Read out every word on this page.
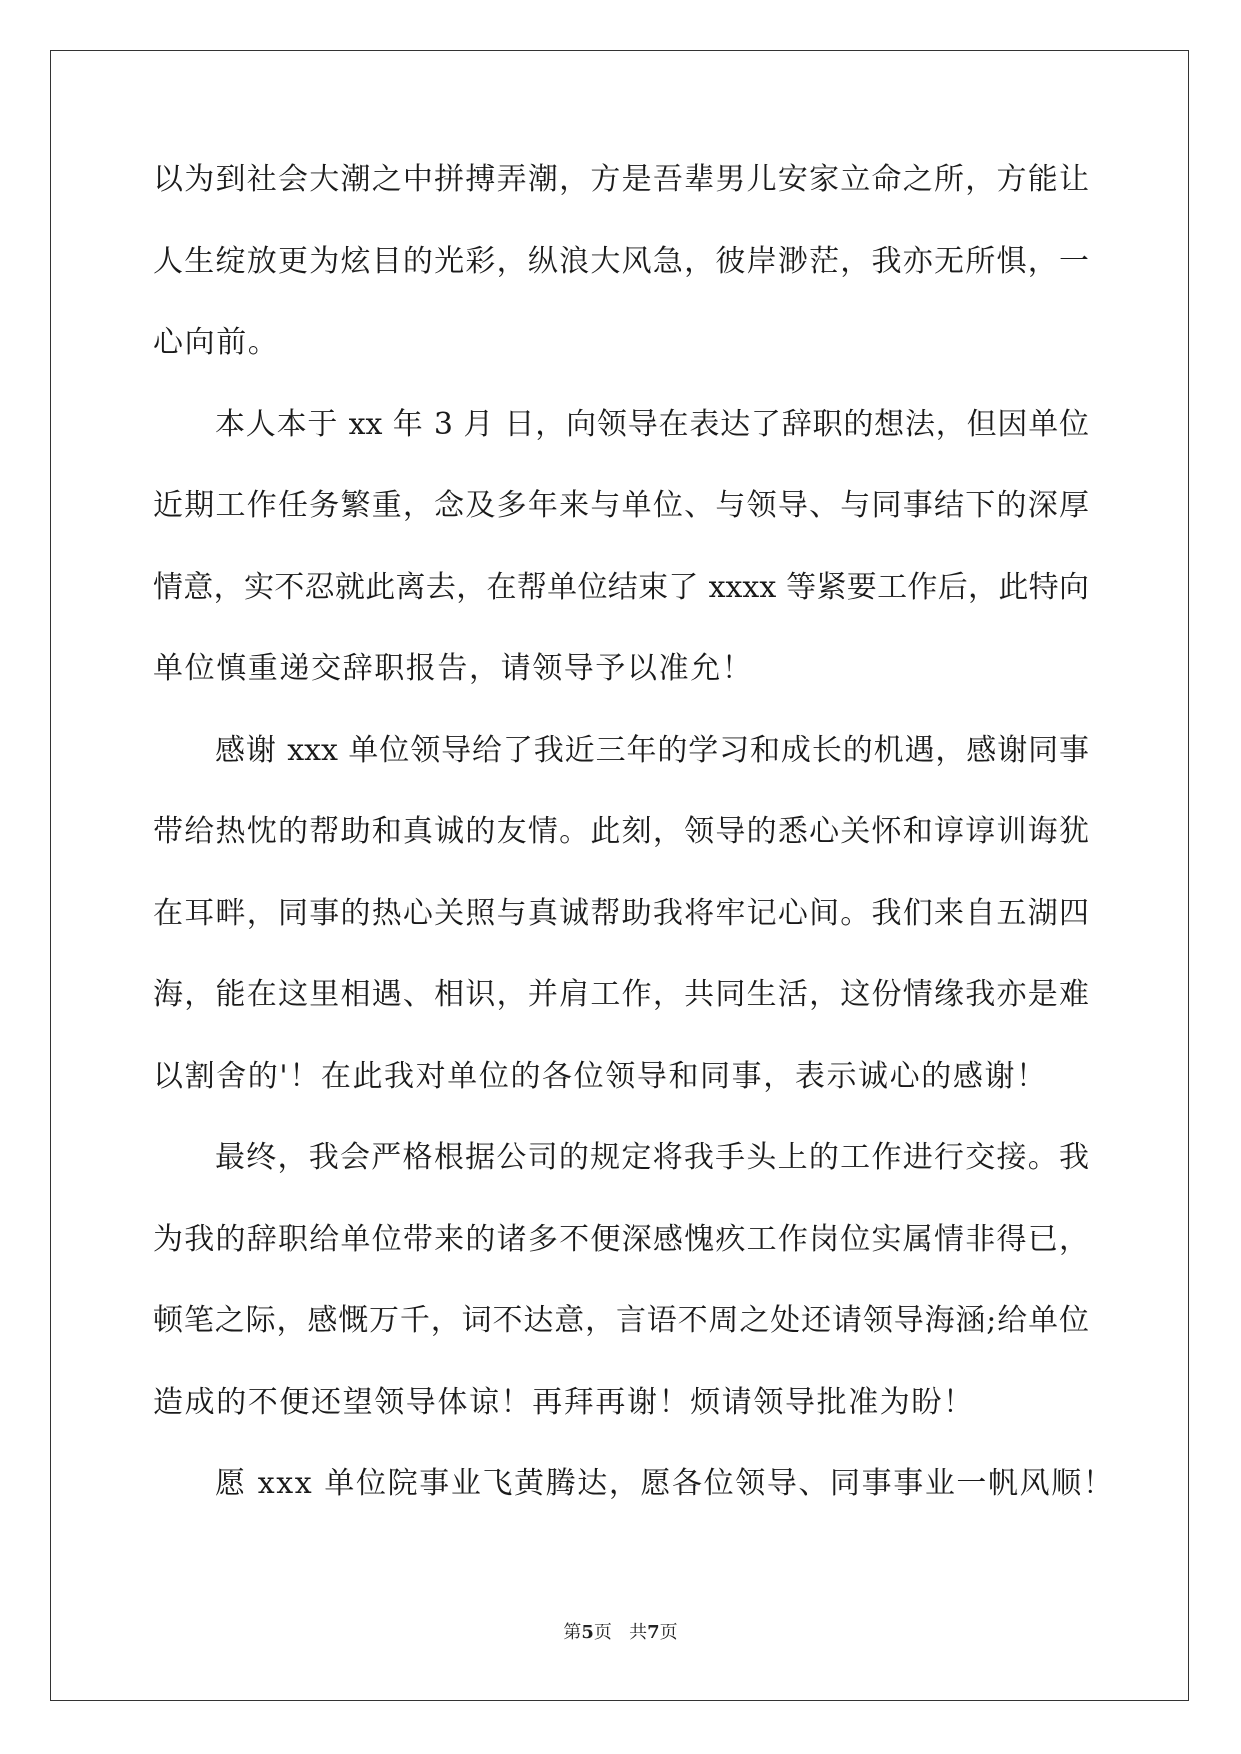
以为到社会大潮之中拼搏弄潮，方是吾辈男儿安家立命之所，方能让
人生绽放更为炫目的光彩，纵浪大风急，彼岸渺茫，我亦无所惧，一
心向前。
本人本于 xx 年 3 月 日，向领导在表达了辞职的想法，但因单位
近期工作任务繁重，念及多年来与单位、与领导、与同事结下的深厚
情意，实不忍就此离去，在帮单位结束了 xxxx 等紧要工作后，此特向
单位慎重递交辞职报告，请领导予以准允！
感谢 xxx 单位领导给了我近三年的学习和成长的机遇，感谢同事
带给热忱的帮助和真诚的友情。此刻，领导的悉心关怀和谆谆训诲犹
在耳畔，同事的热心关照与真诚帮助我将牢记心间。我们来自五湖四
海，能在这里相遇、相识，并肩工作，共同生活，这份情缘我亦是难
以割舍的'！在此我对单位的各位领导和同事，表示诚心的感谢！
最终，我会严格根据公司的规定将我手头上的工作进行交接。我
为我的辞职给单位带来的诸多不便深感愧疚工作岗位实属情非得已，
顿笔之际，感慨万千，词不达意，言语不周之处还请领导海涵;给单位
造成的不便还望领导体谅！再拜再谢！烦请领导批准为盼！
愿 xxx 单位院事业飞黄腾达，愿各位领导、同事事业一帆风顺！
第5页   共7页
